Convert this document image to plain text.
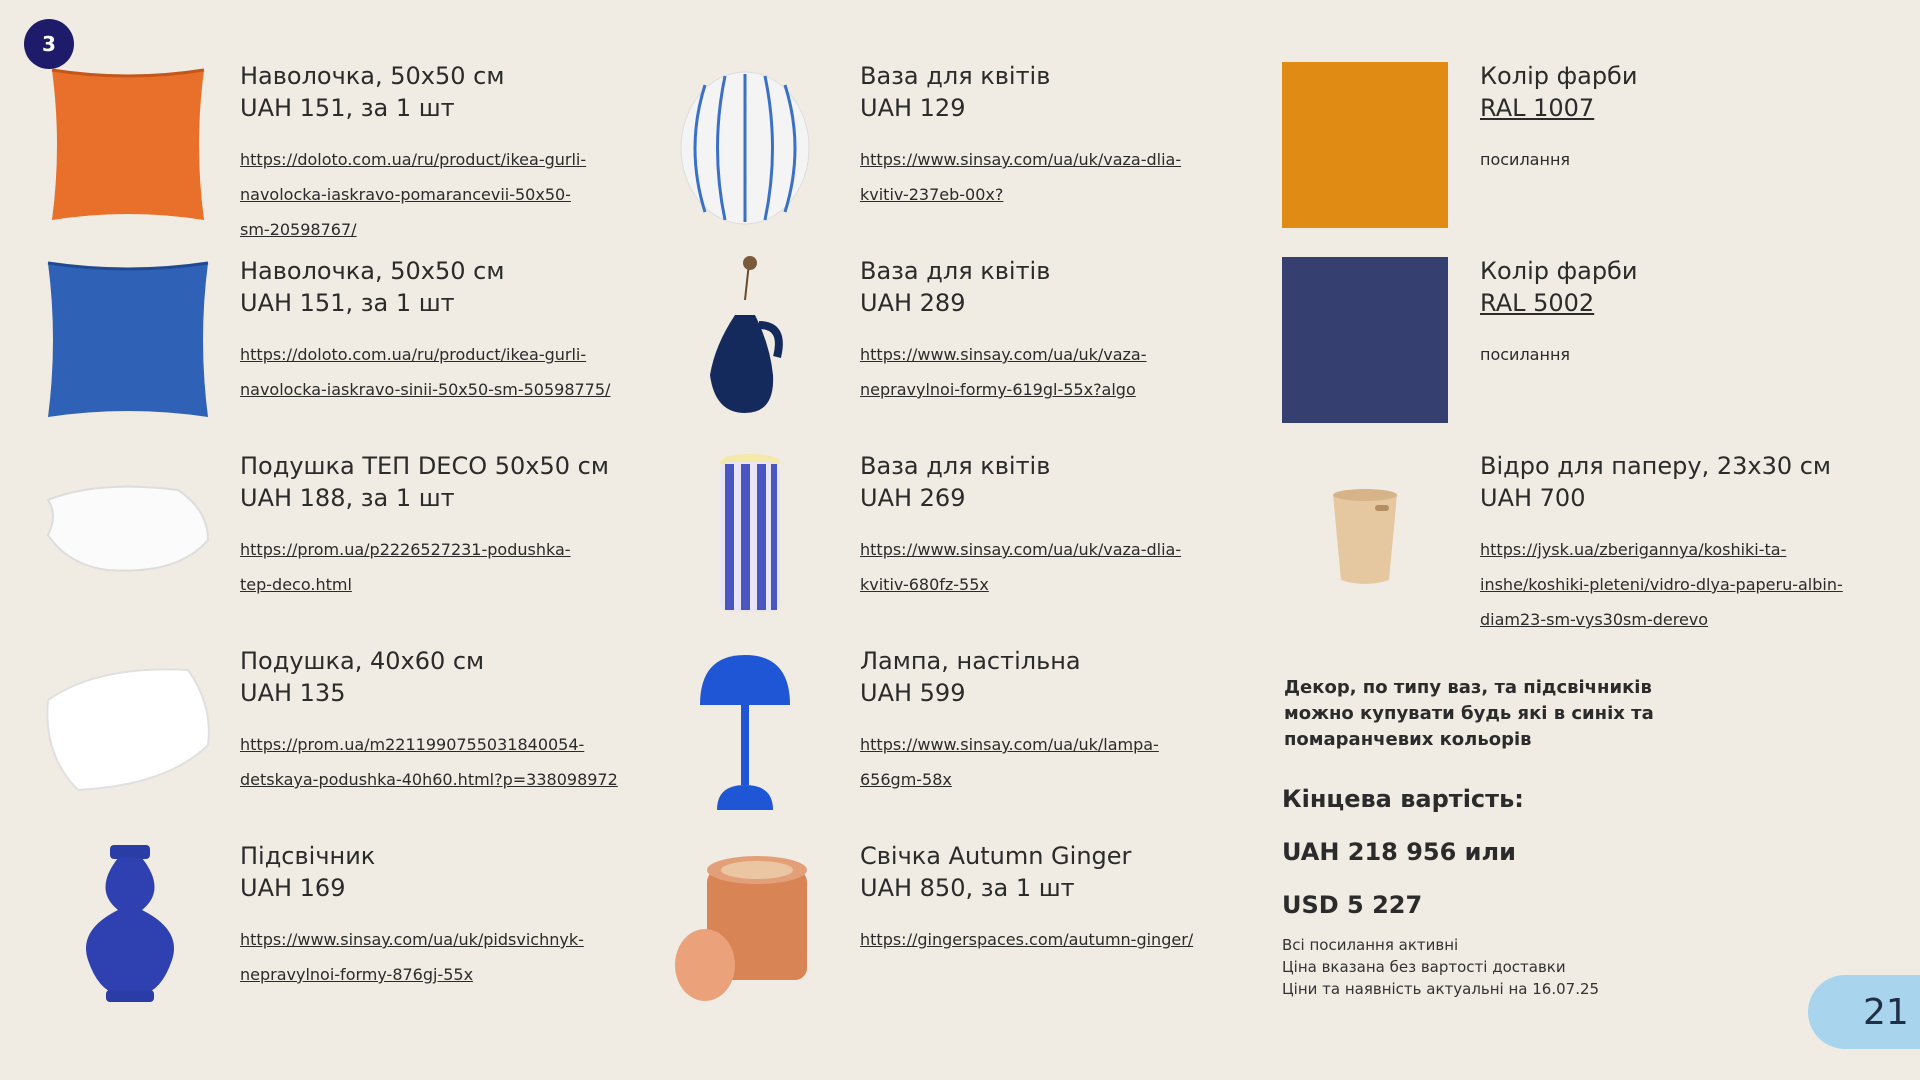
3
Наволочка, 50х50 см
UAH 151, за 1 шт
https://doloto.com.ua/ru/product/ikea-gurli-navolocka-iaskravo-pomarancevii-50x50-sm-20598767/
Наволочка, 50х50 см
UAH 151, за 1 шт
https://doloto.com.ua/ru/product/ikea-gurli-navolocka-iaskravo-sinii-50x50-sm-50598775/
Подушка ТЕП DECO 50х50 см
UAH 188, за 1 шт
https://prom.ua/p2226527231-podushka-tep-deco.html
Подушка, 40х60 см
UAH 135
https://prom.ua/m2211990755031840054-detskaya-podushka-40h60.html?p=338098972
Підсвічник
UAH 169
https://www.sinsay.com/ua/uk/pidsvichnyk-nepravylnoi-formy-876gj-55x
Ваза для квітів
UAH 129
https://www.sinsay.com/ua/uk/vaza-dlia-kvitiv-237eb-00x?
Ваза для квітів
UAH 289
https://www.sinsay.com/ua/uk/vaza-nepravylnoi-formy-619gl-55x?algo
Ваза для квітів
UAH 269
https://www.sinsay.com/ua/uk/vaza-dlia-kvitiv-680fz-55x
Лампа, настільна
UAH 599
https://www.sinsay.com/ua/uk/lampa-656gm-58x
Свічка Autumn Ginger
UAH 850, за 1 шт
https://gingerspaces.com/autumn-ginger/
Колір фарби
RAL 1007
посилання
Колір фарби
RAL 5002
посилання
Відро для паперу, 23х30 см
UAH 700
https://jysk.ua/zberigannya/koshiki-ta-inshe/koshiki-pleteni/vidro-dlya-paperu-albin-diam23-sm-vys30sm-derevo
Декор, по типу ваз, та підсвічників можно купувати будь які в синіх та помаранчевих кольорів
Кінцева вартість:
UAH 218 956 или
USD 5 227
Всі посилання активні
Ціна вказана без вартості доставки
Ціни та наявність актуальні на 16.07.25
21
